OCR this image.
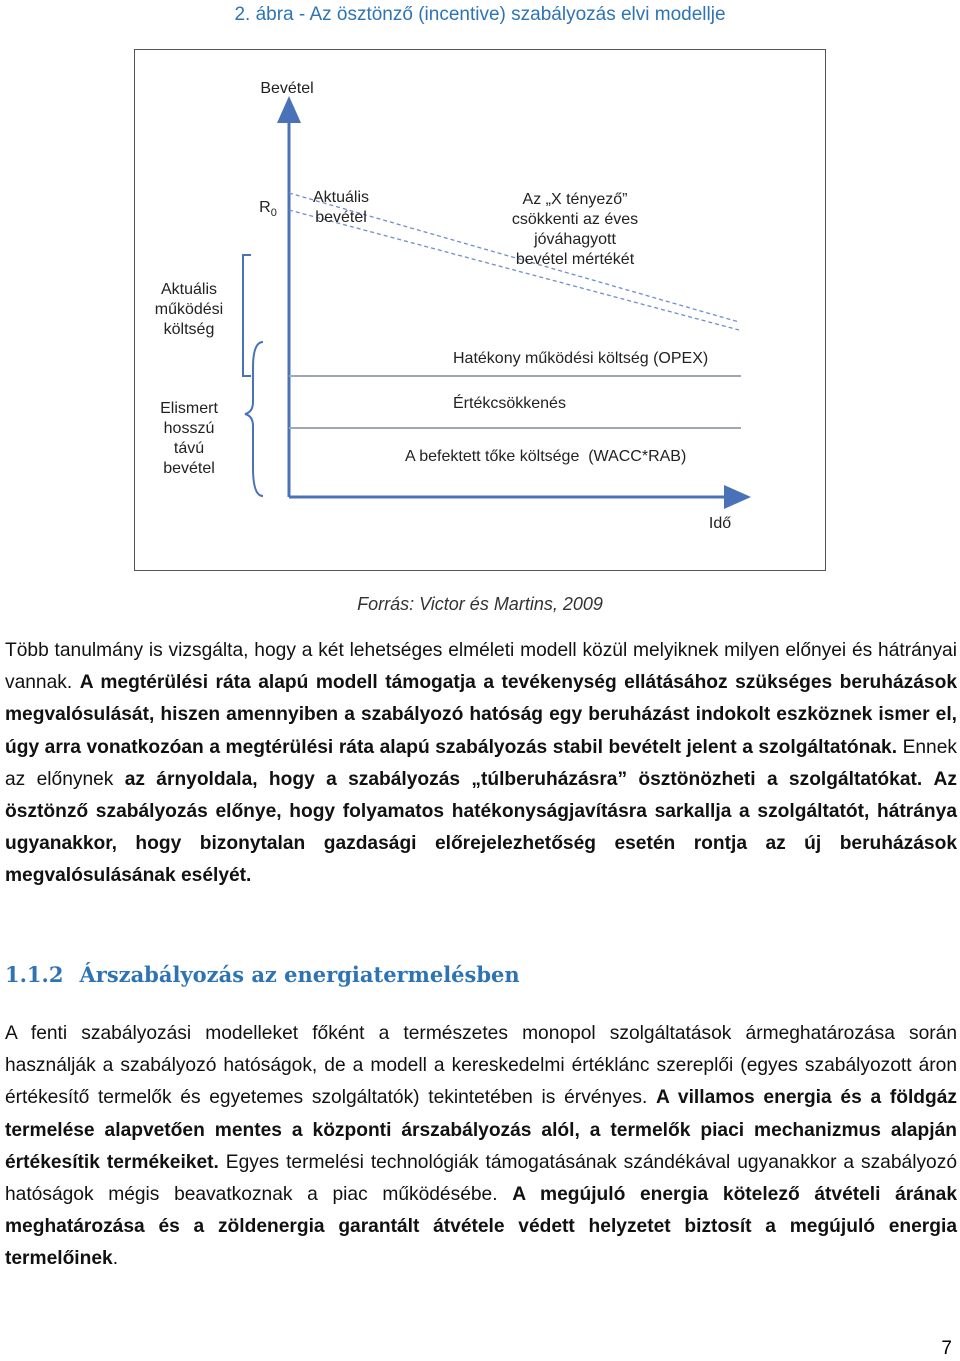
2. ábra - Az ösztönző (incentive) szabályozás elvi modellje
Bevétel
$R_0$
Aktuális
bevétel
Az „X tényező”
csökkenti az éves
jóváhagyott
bevétel mértékét
Hatékony működési költség (OPEX)
Értékcsökkenés
A befektett tőke költsége  (WACC*RAB)
Idő
Aktuális
működési
költség
Elismert
hosszú
távú
bevétel
Forrás: Victor és Martins, 2009
Több tanulmány is vizsgálta, hogy a két lehetséges elméleti modell közül melyiknek milyen előnyei és hátrányai vannak. A megtérülési ráta alapú modell támogatja a tevékenység ellátásához szükséges beruházások megvalósulását, hiszen amennyiben a szabályozó hatóság egy beruházást indokolt eszköznek ismer el, úgy arra vonatkozóan a megtérülési ráta alapú szabályozás stabil bevételt jelent a szolgáltatónak. Ennek az előnynek az árnyoldala, hogy a szabályozás „túlberuházásra” ösztönözheti a szolgáltatókat. Az ösztönző szabályozás előnye, hogy folyamatos hatékonyságjavításra sarkallja a szolgáltatót, hátránya ugyanakkor, hogy bizonytalan gazdasági előrejelezhetőség esetén rontja az új beruházások megvalósulásának esélyét.
1.1.2 Árszabályozás az energiatermelésben
A fenti szabályozási modelleket főként a természetes monopol szolgáltatások ármeghatározása során használják a szabályozó hatóságok, de a modell a kereskedelmi értéklánc szereplői (egyes szabályozott áron értékesítő termelők és egyetemes szolgáltatók) tekintetében is érvényes. A villamos energia és a földgáz termelése alapvetően mentes a központi árszabályozás alól, a termelők piaci mechanizmus alapján értékesítik termékeiket. Egyes termelési technológiák támogatásának szándékával ugyanakkor a szabályozó hatóságok mégis beavatkoznak a piac működésébe. A megújuló energia kötelező átvételi árának meghatározása és a zöldenergia garantált átvétele védett helyzetet biztosít a megújuló energia termelőinek.
7
